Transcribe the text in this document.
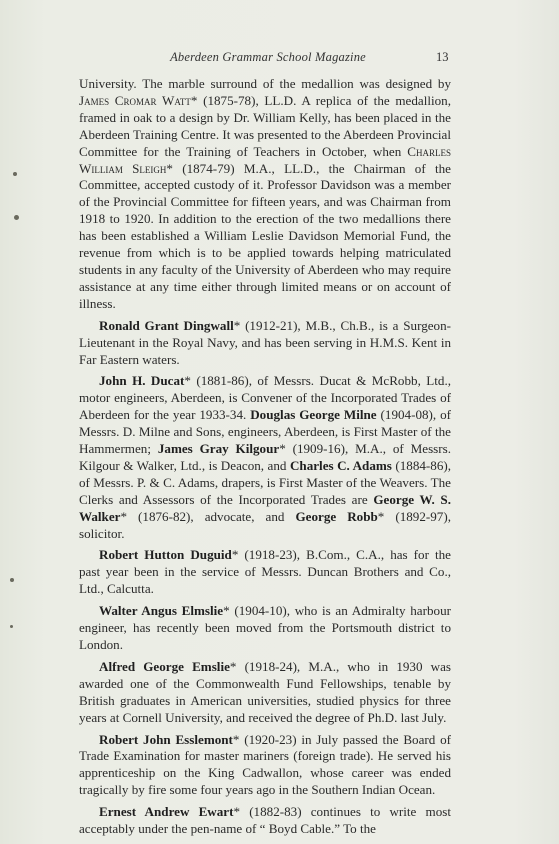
Aberdeen Grammar School Magazine	13

University. The marble surround of the medallion was designed by James Cromar Watt* (1875-78), LL.D. A replica of the medallion, framed in oak to a design by Dr. William Kelly, has been placed in the Aberdeen Training Centre. It was presented to the Aberdeen Provincial Committee for the Training of Teachers in October, when Charles William Sleigh* (1874-79) M.A., LL.D., the Chairman of the Committee, accepted custody of it. Professor Davidson was a member of the Provincial Committee for fifteen years, and was Chairman from 1918 to 1920. In addition to the erection of the two medallions there has been established a William Leslie Davidson Memorial Fund, the revenue from which is to be applied towards helping matriculated students in any faculty of the University of Aberdeen who may require assistance at any time either through limited means or on account of illness.

Ronald Grant Dingwall* (1912-21), M.B., Ch.B., is a Surgeon-Lieutenant in the Royal Navy, and has been serving in H.M.S. Kent in Far Eastern waters.

John H. Ducat* (1881-86), of Messrs. Ducat & McRobb, Ltd., motor engineers, Aberdeen, is Convener of the Incorporated Trades of Aberdeen for the year 1933-34. Douglas George Milne (1904-08), of Messrs. D. Milne and Sons, engineers, Aberdeen, is First Master of the Hammermen; James Gray Kilgour* (1909-16), M.A., of Messrs. Kilgour & Walker, Ltd., is Deacon, and Charles C. Adams (1884-86), of Messrs. P. & C. Adams, drapers, is First Master of the Weavers. The Clerks and Assessors of the Incorporated Trades are George W. S. Walker* (1876-82), advocate, and George Robb* (1892-97), solicitor.

Robert Hutton Duguid* (1918-23), B.Com., C.A., has for the past year been in the service of Messrs. Duncan Brothers and Co., Ltd., Calcutta.

Walter Angus Elmslie* (1904-10), who is an Admiralty harbour engineer, has recently been moved from the Portsmouth district to London.

Alfred George Emslie* (1918-24), M.A., who in 1930 was awarded one of the Commonwealth Fund Fellowships, tenable by British graduates in American universities, studied physics for three years at Cornell University, and received the degree of Ph.D. last July.

Robert John Esslemont* (1920-23) in July passed the Board of Trade Examination for master mariners (foreign trade). He served his apprenticeship on the King Cadwallon, whose career was ended tragically by fire some four years ago in the Southern Indian Ocean.

Ernest Andrew Ewart* (1882-83) continues to write most acceptably under the pen-name of “ Boyd Cable.” To the
